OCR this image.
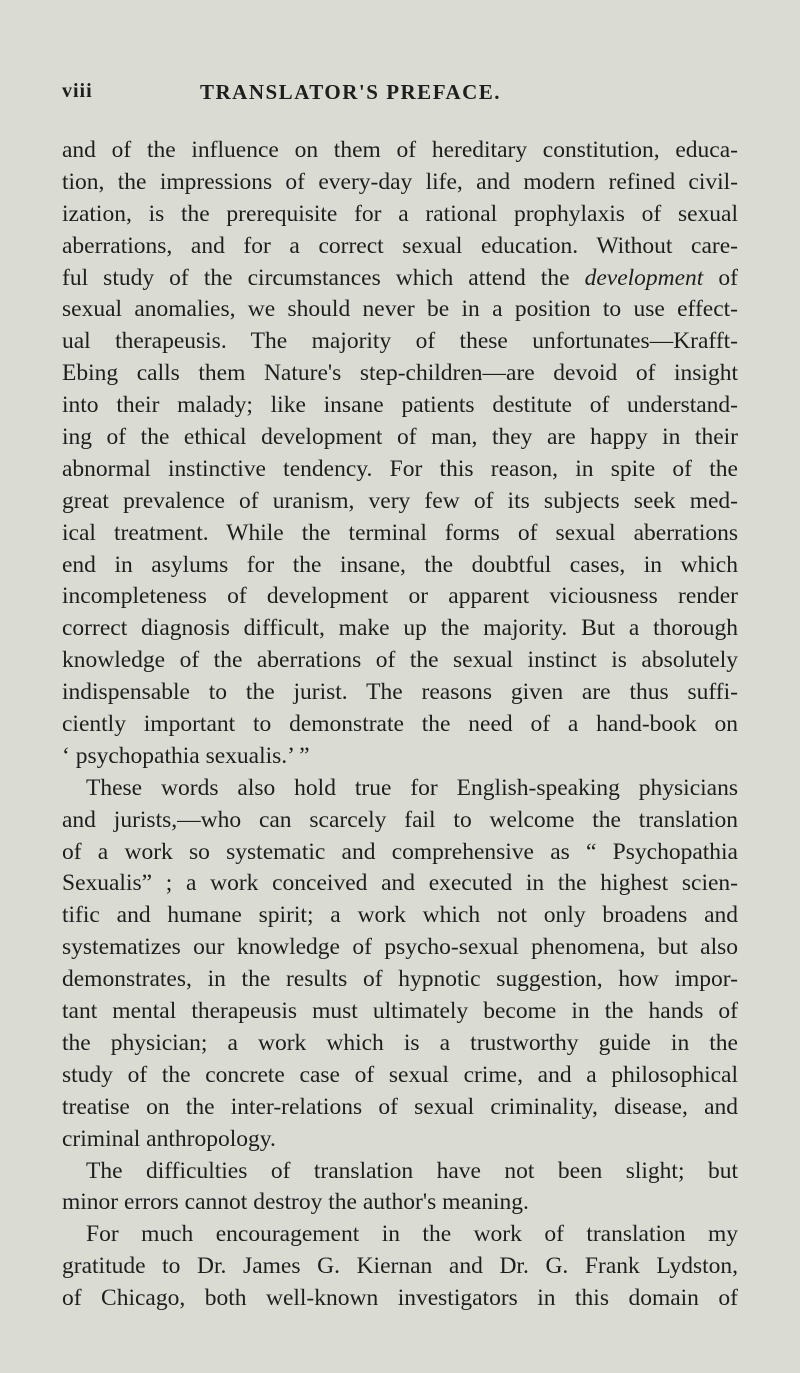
viii	TRANSLATOR'S PREFACE.
and of the influence on them of hereditary constitution, educa-
tion, the impressions of every-day life, and modern refined civil-
ization, is the prerequisite for a rational prophylaxis of sexual
aberrations, and for a correct sexual education. Without care-
ful study of the circumstances which attend the development of
sexual anomalies, we should never be in a position to use effect-
ual therapeusis. The majority of these unfortunates—Krafft-
Ebing calls them Nature's step-children—are devoid of insight
into their malady; like insane patients destitute of understand-
ing of the ethical development of man, they are happy in their
abnormal instinctive tendency. For this reason, in spite of the
great prevalence of uranism, very few of its subjects seek med-
ical treatment. While the terminal forms of sexual aberrations
end in asylums for the insane, the doubtful cases, in which
incompleteness of development or apparent viciousness render
correct diagnosis difficult, make up the majority. But a thorough
knowledge of the aberrations of the sexual instinct is absolutely
indispensable to the jurist. The reasons given are thus suffi-
ciently important to demonstrate the need of a hand-book on
‘ psychopathia sexualis.’ ”
These words also hold true for English-speaking physicians
and jurists,—who can scarcely fail to welcome the translation
of a work so systematic and comprehensive as “ Psychopathia
Sexualis” ; a work conceived and executed in the highest scien-
tific and humane spirit; a work which not only broadens and
systematizes our knowledge of psycho-sexual phenomena, but also
demonstrates, in the results of hypnotic suggestion, how impor-
tant mental therapeusis must ultimately become in the hands of
the physician; a work which is a trustworthy guide in the
study of the concrete case of sexual crime, and a philosophical
treatise on the inter-relations of sexual criminality, disease, and
criminal anthropology.
The difficulties of translation have not been slight; but
minor errors cannot destroy the author's meaning.
For much encouragement in the work of translation my
gratitude to Dr. James G. Kiernan and Dr. G. Frank Lydston,
of Chicago, both well-known investigators in this domain of
